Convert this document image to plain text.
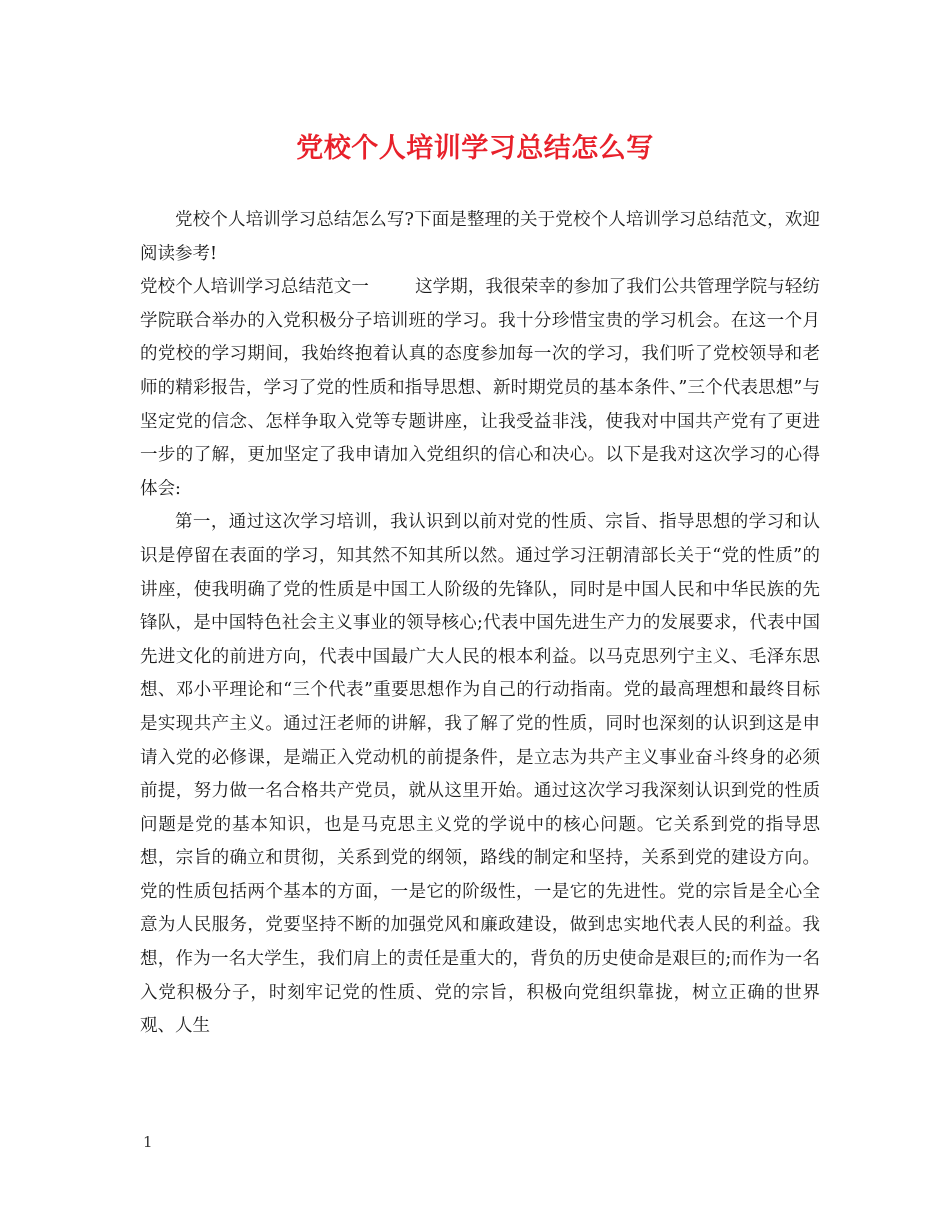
党校个人培训学习总结怎么写

党校个人培训学习总结怎么写?下面是整理的关于党校个人培训学习总结范文，欢迎阅读参考!

党校个人培训学习总结范文一	这学期，我很荣幸的参加了我们公共管理学院与轻纺学院联合举办的入党积极分子培训班的学习。我十分珍惜宝贵的学习机会。在这一个月的党校的学习期间，我始终抱着认真的态度参加每一次的学习，我们听了党校领导和老师的精彩报告，学习了党的性质和指导思想、新时期党员的基本条件、”三个代表思想”与坚定党的信念、怎样争取入党等专题讲座，让我受益非浅，使我对中国共产党有了更进一步的了解，更加坚定了我申请加入党组织的信心和决心。以下是我对这次学习的心得体会:

第一，通过这次学习培训，我认识到以前对党的性质、宗旨、指导思想的学习和认识是停留在表面的学习，知其然不知其所以然。通过学习汪朝清部长关于“党的性质”的讲座，使我明确了党的性质是中国工人阶级的先锋队，同时是中国人民和中华民族的先锋队，是中国特色社会主义事业的领导核心;代表中国先进生产力的发展要求，代表中国先进文化的前进方向，代表中国最广大人民的根本利益。以马克思列宁主义、毛泽东思想、邓小平理论和“三个代表”重要思想作为自己的行动指南。党的最高理想和最终目标是实现共产主义。通过汪老师的讲解，我了解了党的性质，同时也深刻的认识到这是申请入党的必修课，是端正入党动机的前提条件，是立志为共产主义事业奋斗终身的必须前提，努力做一名合格共产党员，就从这里开始。通过这次学习我深刻认识到党的性质问题是党的基本知识，也是马克思主义党的学说中的核心问题。它关系到党的指导思想，宗旨的确立和贯彻，关系到党的纲领，路线的制定和坚持，关系到党的建设方向。党的性质包括两个基本的方面，一是它的阶级性，一是它的先进性。党的宗旨是全心全意为人民服务，党要坚持不断的加强党风和廉政建设，做到忠实地代表人民的利益。我想，作为一名大学生，我们肩上的责任是重大的，背负的历史使命是艰巨的;而作为一名入党积极分子，时刻牢记党的性质、党的宗旨，积极向党组织靠拢，树立正确的世界观、人生

1
